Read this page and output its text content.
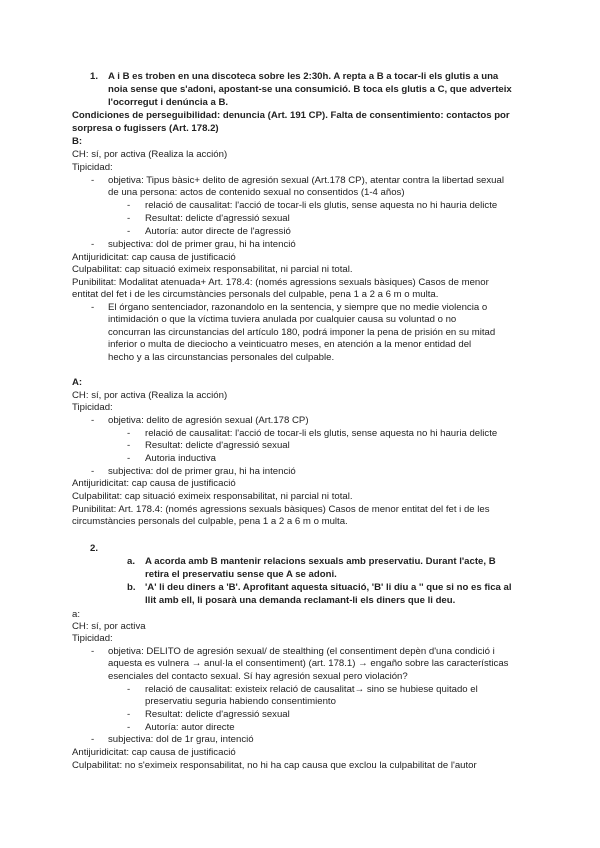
1. A i B es troben en una discoteca sobre les 2:30h. A repta a B a tocar-li els glutis a una
noia sense que s'adoni, apostant-se una consumició. B toca els glutis a C, que adverteix
l'ocorregut i denúncia a B.
Condiciones de perseguibilidad: denuncia (Art. 191 CP). Falta de consentimiento: contactos por
sorpresa o fugissers (Art. 178.2)
B:
CH: sí, por activa (Realiza la acción)
Tipicidad:
- objetiva: Tipus bàsic+ delito de agresión sexual (Art.178 CP), atentar contra la libertad sexual
de una persona: actos de contenido sexual no consentidos (1-4 años)
- relació de causalitat: l'acció de tocar-li els glutis, sense aquesta no hi hauria delicte
- Resultat: delicte d'agressió sexual
- Autoría: autor directe de l'agressió
- subjectiva: dol de primer grau, hi ha intenció
Antijuridicitat: cap causa de justificació
Culpabilitat: cap situació eximeix responsabilitat, ni parcial ni total.
Punibilitat: Modalitat atenuada+ Art. 178.4: (només agressions sexuals bàsiques) Casos de menor
entitat del fet i de les circumstàncies personals del culpable, pena 1 a 2 a 6 m o multa.
- El órgano sentenciador, razonandolo en la sentencia, y siempre que no medie violencia o
intimidación o que la víctima tuviera anulada por cualquier causa su voluntad o no
concurran las circunstancias del artículo 180, podrá imponer la pena de prisión en su mitad
inferior o multa de dieciocho a veinticuatro meses, en atención a la menor entidad del
hecho y a las circunstancias personales del culpable.
A:
CH: sí, por activa (Realiza la acción)
Tipicidad:
- objetiva: delito de agresión sexual (Art.178 CP)
- relació de causalitat: l'acció de tocar-li els glutis, sense aquesta no hi hauria delicte
- Resultat: delicte d'agressió sexual
- Autoria inductiva
- subjectiva: dol de primer grau, hi ha intenció
Antijuridicitat: cap causa de justificació
Culpabilitat: cap situació eximeix responsabilitat, ni parcial ni total.
Punibilitat: Art. 178.4: (només agressions sexuals bàsiques) Casos de menor entitat del fet i de les
circumstàncies personals del culpable, pena 1 a 2 a 6 m o multa.
2.
a. A acorda amb B mantenir relacions sexuals amb preservatiu. Durant l'acte, B
retira el preservatiu sense que A se adoni.
b. 'A' li deu diners a 'B'. Aprofitant aquesta situació, 'B' li diu a '' que si no es fica al
llit amb ell, li posarà una demanda reclamant-li els diners que li deu.
a:
CH: sí, por activa
Tipicidad:
- objetiva: DELITO de agresión sexual/ de stealthing (el consentiment depèn d'una condició i
aquesta es vulnera → anul·la el consentiment) (art. 178.1) → engaño sobre las características
esenciales del contacto sexual. Sí hay agresión sexual pero violación?
- relació de causalitat: existeix relació de causalitat→ sino se hubiese quitado el
preservatiu seguria habiendo consentimiento
- Resultat: delicte d'agressió sexual
- Autoría: autor directe
- subjectiva: dol de 1r grau, intenció
Antijuridicitat: cap causa de justificació
Culpabilitat: no s'eximeix responsabilitat, no hi ha cap causa que exclou la culpabilitat de l'autor
